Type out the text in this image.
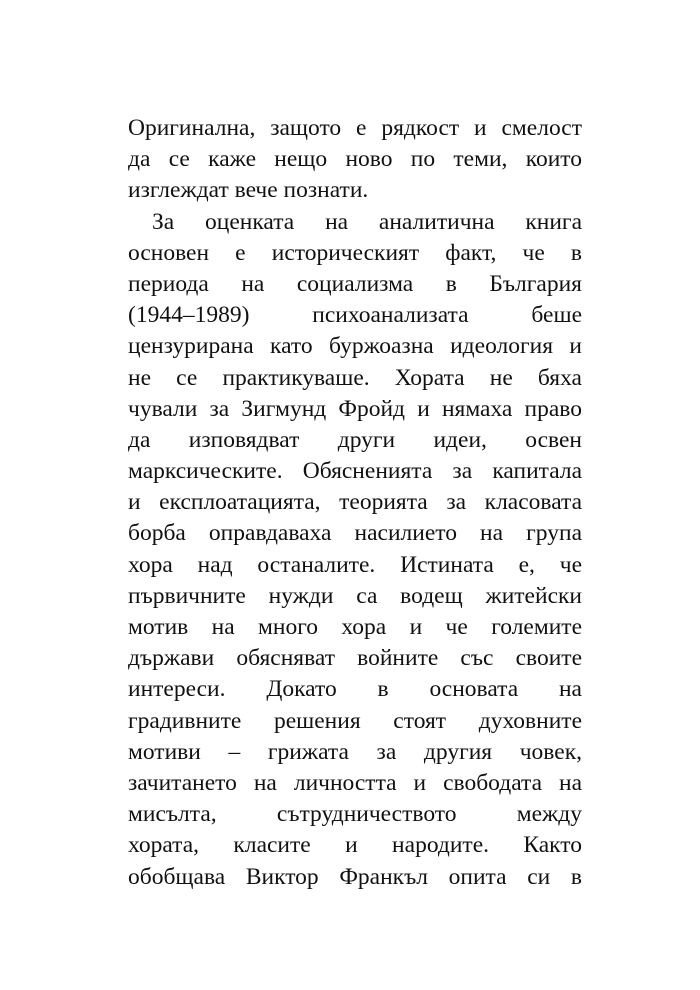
Оригинална, защото е рядкост и смелост
да се каже нещо ново по теми, които
изглеждат вече познати.
За оценката на аналитична книга
основен е историческият факт, че в
периода на социализма в България
(1944–1989) психоанализата беше
цензурирана като буржоазна идеология и
не се практикуваше. Хората не бяха
чували за Зигмунд Фройд и нямаха право
да изповядват други идеи, освен
марксическите. Обясненията за капитала
и експлоатацията, теорията за класовата
борба оправдаваха насилието на група
хора над останалите. Истината е, че
първичните нужди са водещ житейски
мотив на много хора и че големите
държави обясняват войните със своите
интереси. Докато в основата на
градивните решения стоят духовните
мотиви – грижата за другия човек,
зачитането на личността и свободата на
мисълта, сътрудничеството между
хората, класите и народите. Както
обобщава Виктор Франкъл опита си в
